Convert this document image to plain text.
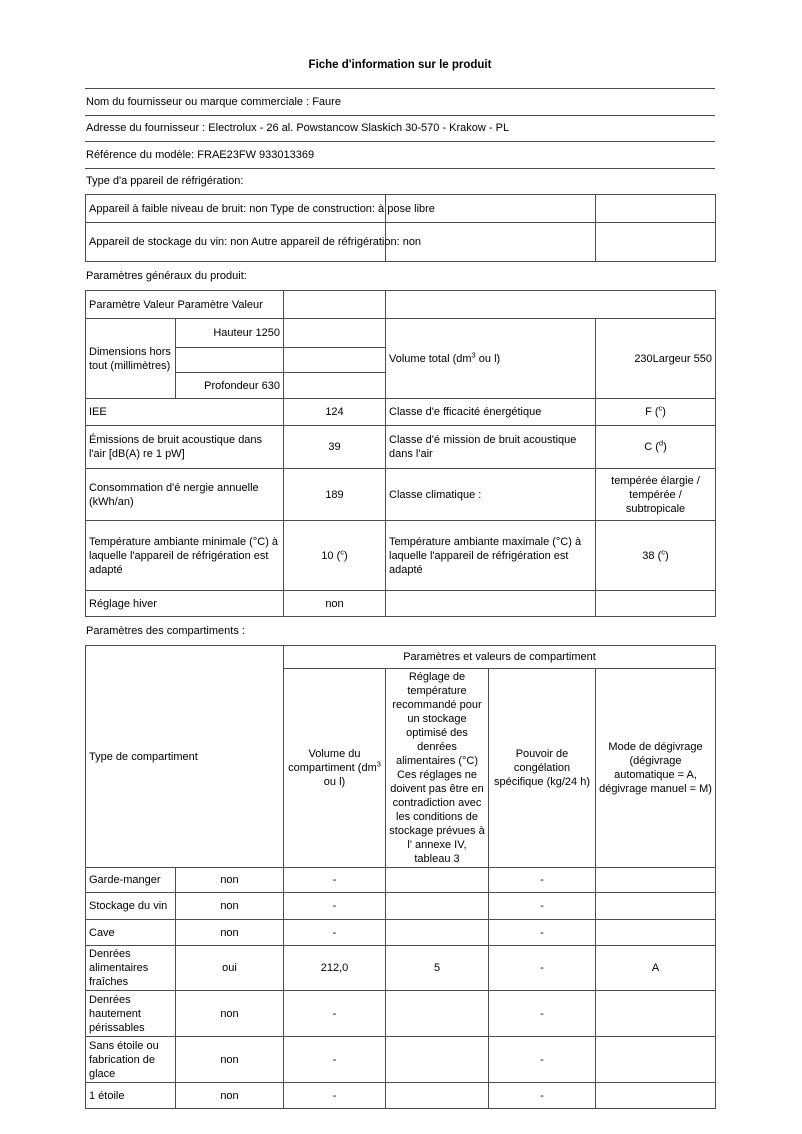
Fiche d'information sur le produit
Nom du fournisseur ou marque commerciale : Faure
Adresse du fournisseur : Electrolux - 26 al. Powstancow Slaskich 30-570 - Krakow - PL
Référence du modèle: FRAE23FW 933013369
Type d'a ppareil de réfrigération:
Appareil à faible niveau de bruit: non Type de construction: à pose libre		
Appareil de stockage du vin: non Autre appareil de réfrigération: non		
Paramètres généraux du produit:
Paramètre Valeur Paramètre Valeur				
Dimensions hors tout (millimètres)	Hauteur 1250		Volume total ($dm^3$ ou l)	230Largeur 550

	Profondeur 630			
IEE		124	Classe d'e fficacité énergétique	F ($^c$)
Émissions de bruit acoustique dans l'air [dB(A) re 1 pW]		39	Classe d'é mission de bruit acoustique dans l'air	C ($^d$)
Consommation d'é nergie annuelle (kWh/an)		189	Classe climatique :	tempérée élargie / tempérée / subtropicale
Température ambiante minimale (°C) à laquelle l'appareil de réfrigération est adapté		10 ($^c$)	Température ambiante maximale (°C) à laquelle l'appareil de réfrigération est adapté	38 ($^c$)
Réglage hiver		non		
Paramètres des compartiments :
Type de compartiment		Paramètres et valeurs de compartiment			
		Volume du compartiment ($dm^3$ ou l)	Réglage de température recommandé pour un stockage optimisé des denrées alimentaires (°C) Ces réglages ne doivent pas être en contradiction avec les conditions de stockage prévues à l' annexe IV, tableau 3	Pouvoir de congélation spécifique (kg/24 h)	Mode de dégivrage (dégivrage automatique = A, dégivrage manuel = M)
Garde-manger	non	-		-	
Stockage du vin	non	-		-	
Cave	non	-		-	
Denrées alimentaires fraîches	oui	212,0	5	-	A
Denrées hautement périssables	non	-		-	
Sans étoile ou fabrication de glace	non	-		-	
1 étoile	non	-		-	
